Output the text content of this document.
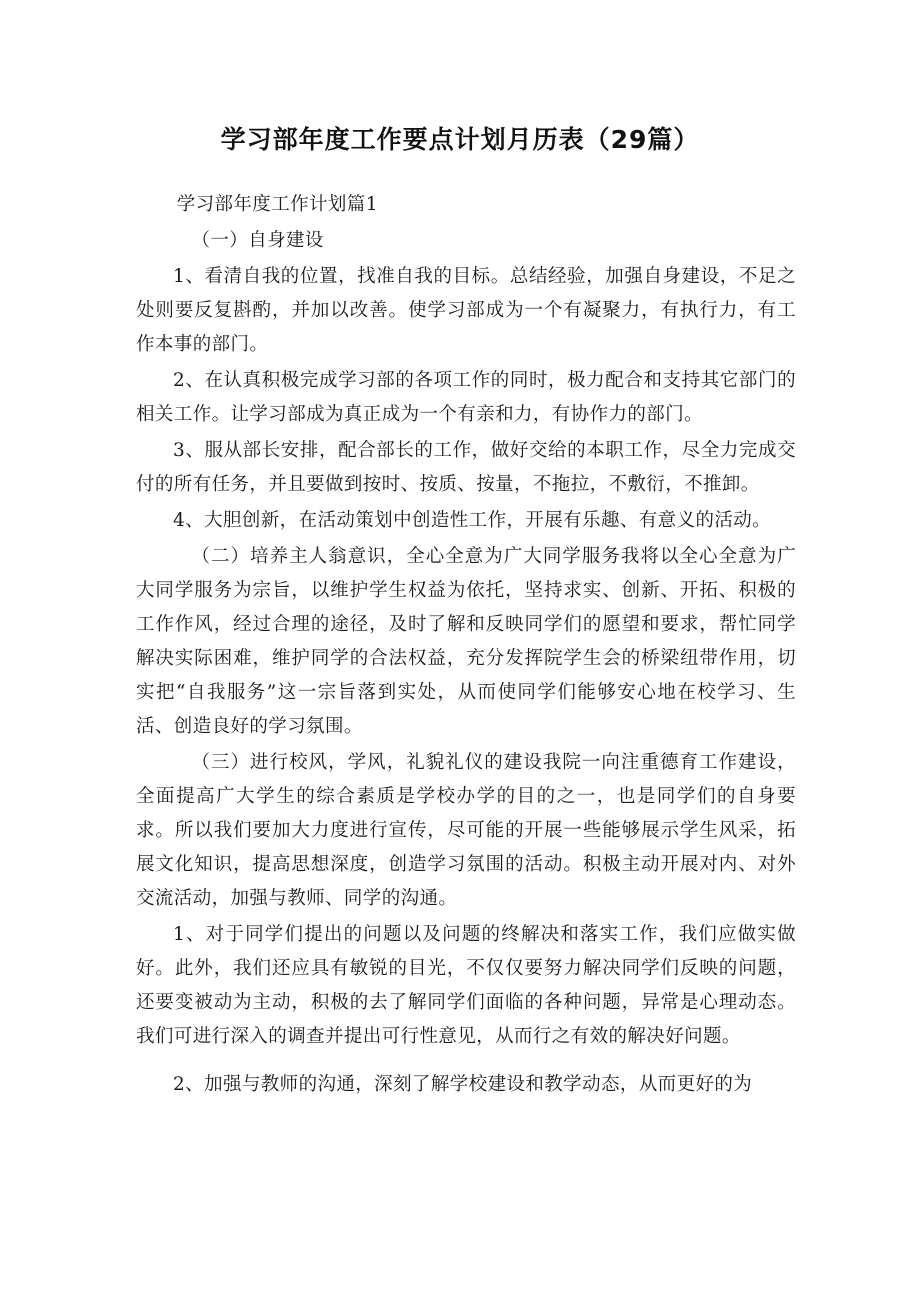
学习部年度工作要点计划月历表（29篇）

学习部年度工作计划篇1

（一）自身建设

1、看清自我的位置，找准自我的目标。总结经验，加强自身建设，不足之处则要反复斟酌，并加以改善。使学习部成为一个有凝聚力，有执行力，有工作本事的部门。

2、在认真积极完成学习部的各项工作的同时，极力配合和支持其它部门的相关工作。让学习部成为真正成为一个有亲和力，有协作力的部门。

3、服从部长安排，配合部长的工作，做好交给的本职工作，尽全力完成交付的所有任务，并且要做到按时、按质、按量，不拖拉，不敷衍，不推卸。

4、大胆创新，在活动策划中创造性工作，开展有乐趣、有意义的活动。

（二）培养主人翁意识，全心全意为广大同学服务我将以全心全意为广大同学服务为宗旨，以维护学生权益为依托，坚持求实、创新、开拓、积极的工作作风，经过合理的途径，及时了解和反映同学们的愿望和要求，帮忙同学解决实际困难，维护同学的合法权益，充分发挥院学生会的桥梁纽带作用，切实把“自我服务”这一宗旨落到实处，从而使同学们能够安心地在校学习、生活、创造良好的学习氛围。

（三）进行校风，学风，礼貌礼仪的建设我院一向注重德育工作建设，全面提高广大学生的综合素质是学校办学的目的之一，也是同学们的自身要求。所以我们要加大力度进行宣传，尽可能的开展一些能够展示学生风采，拓展文化知识，提高思想深度，创造学习氛围的活动。积极主动开展对内、对外交流活动，加强与教师、同学的沟通。

1、对于同学们提出的问题以及问题的终解决和落实工作，我们应做实做好。此外，我们还应具有敏锐的目光，不仅仅要努力解决同学们反映的问题，还要变被动为主动，积极的去了解同学们面临的各种问题，异常是心理动态。我们可进行深入的调查并提出可行性意见，从而行之有效的解决好问题。

2、加强与教师的沟通，深刻了解学校建设和教学动态，从而更好的为
